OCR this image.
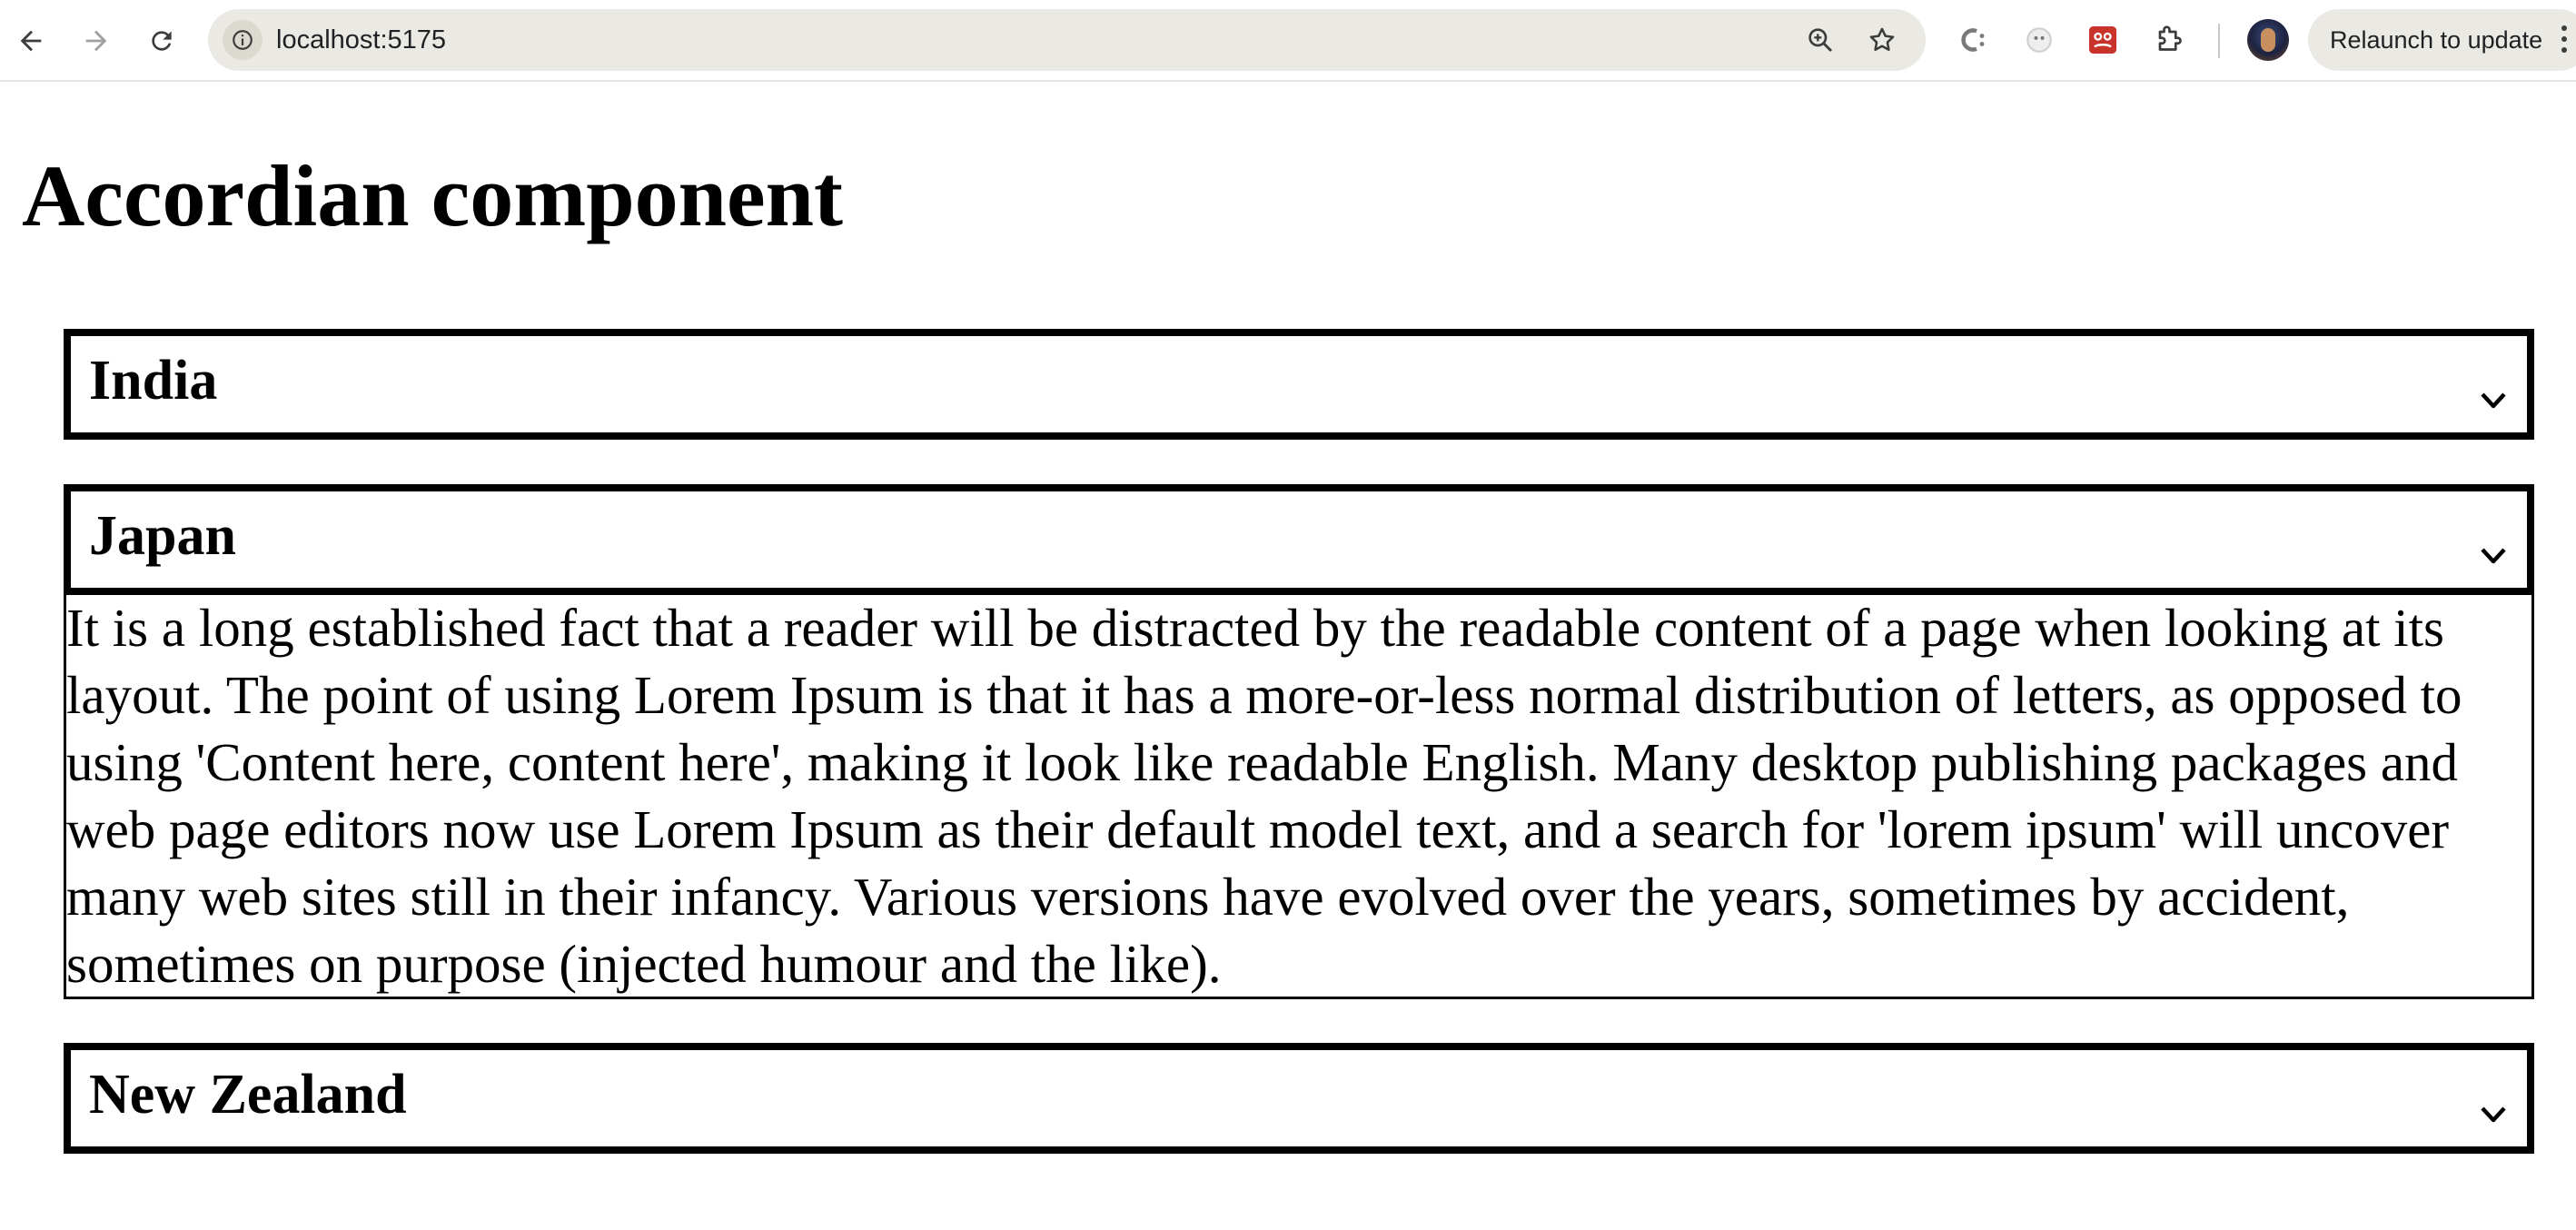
localhost:5175	Relaunch to update
Accordian component
India
Japan
It is a long established fact that a reader will be distracted by the readable content of a page when looking at its layout. The point of using Lorem Ipsum is that it has a more-or-less normal distribution of letters, as opposed to using 'Content here, content here', making it look like readable English. Many desktop publishing packages and web page editors now use Lorem Ipsum as their default model text, and a search for 'lorem ipsum' will uncover many web sites still in their infancy. Various versions have evolved over the years, sometimes by accident, sometimes on purpose (injected humour and the like).
New Zealand
